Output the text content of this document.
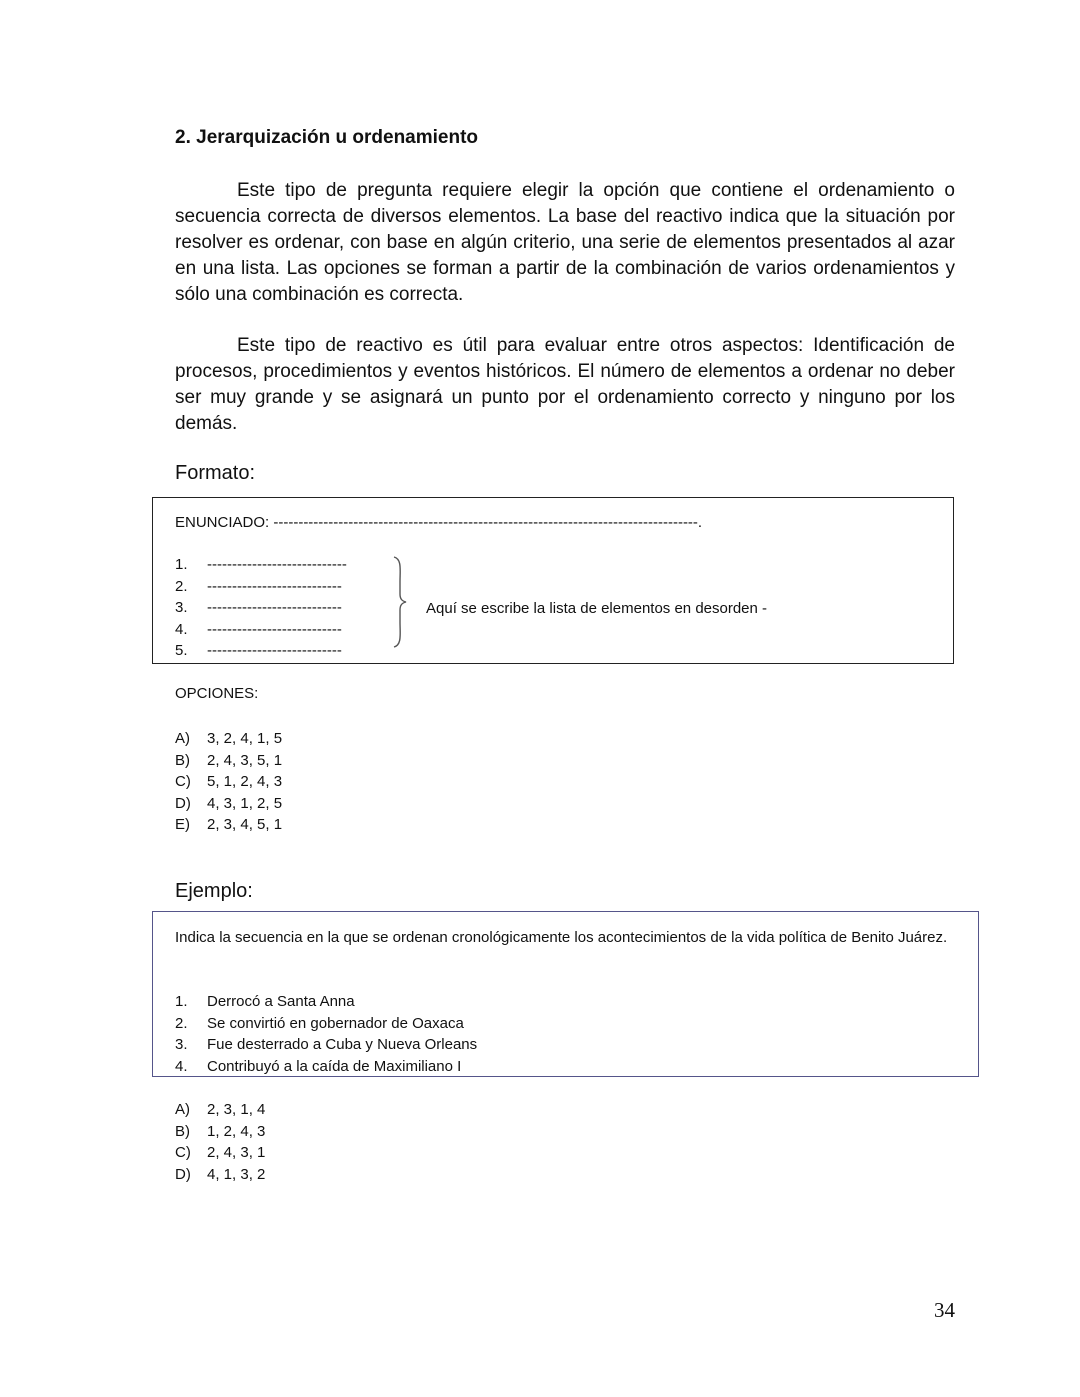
2. Jerarquización u ordenamiento

Este tipo de pregunta requiere elegir la opción que contiene el ordenamiento o secuencia correcta de diversos elementos. La base del reactivo indica que la situación por resolver es ordenar, con base en algún criterio, una serie de elementos presentados al azar en una lista. Las opciones se forman a partir de la combinación de varios ordenamientos y sólo una combinación es correcta.

Este tipo de reactivo es útil para evaluar entre otros aspectos: Identificación de procesos, procedimientos y eventos históricos. El número de elementos a ordenar no deber ser muy grande y se asignará un punto por el ordenamiento correcto y ninguno por los demás.

Formato:
ENUNCIADO: -------------------------------------------------------------------------------------.
1. ----------------------------
2. ---------------------------
3. ---------------------------
4. ---------------------------
5. ---------------------------
Aquí se escribe la lista de elementos en desorden -
OPCIONES:
A) 3, 2, 4, 1, 5
B) 2, 4, 3, 5, 1
C) 5, 1, 2, 4, 3
D) 4, 3, 1, 2, 5
E) 2, 3, 4, 5, 1
Ejemplo:

Indica la secuencia en la que se ordenan cronológicamente los acontecimientos de la vida política de Benito Juárez.

1. Derrocó a Santa Anna
2. Se convirtió en gobernador de Oaxaca
3. Fue desterrado a Cuba y Nueva Orleans
4. Contribuyó a la caída de Maximiliano I
A) 2, 3, 1, 4
B) 1, 2, 4, 3
C) 2, 4, 3, 1
D) 4, 1, 3, 2
34
